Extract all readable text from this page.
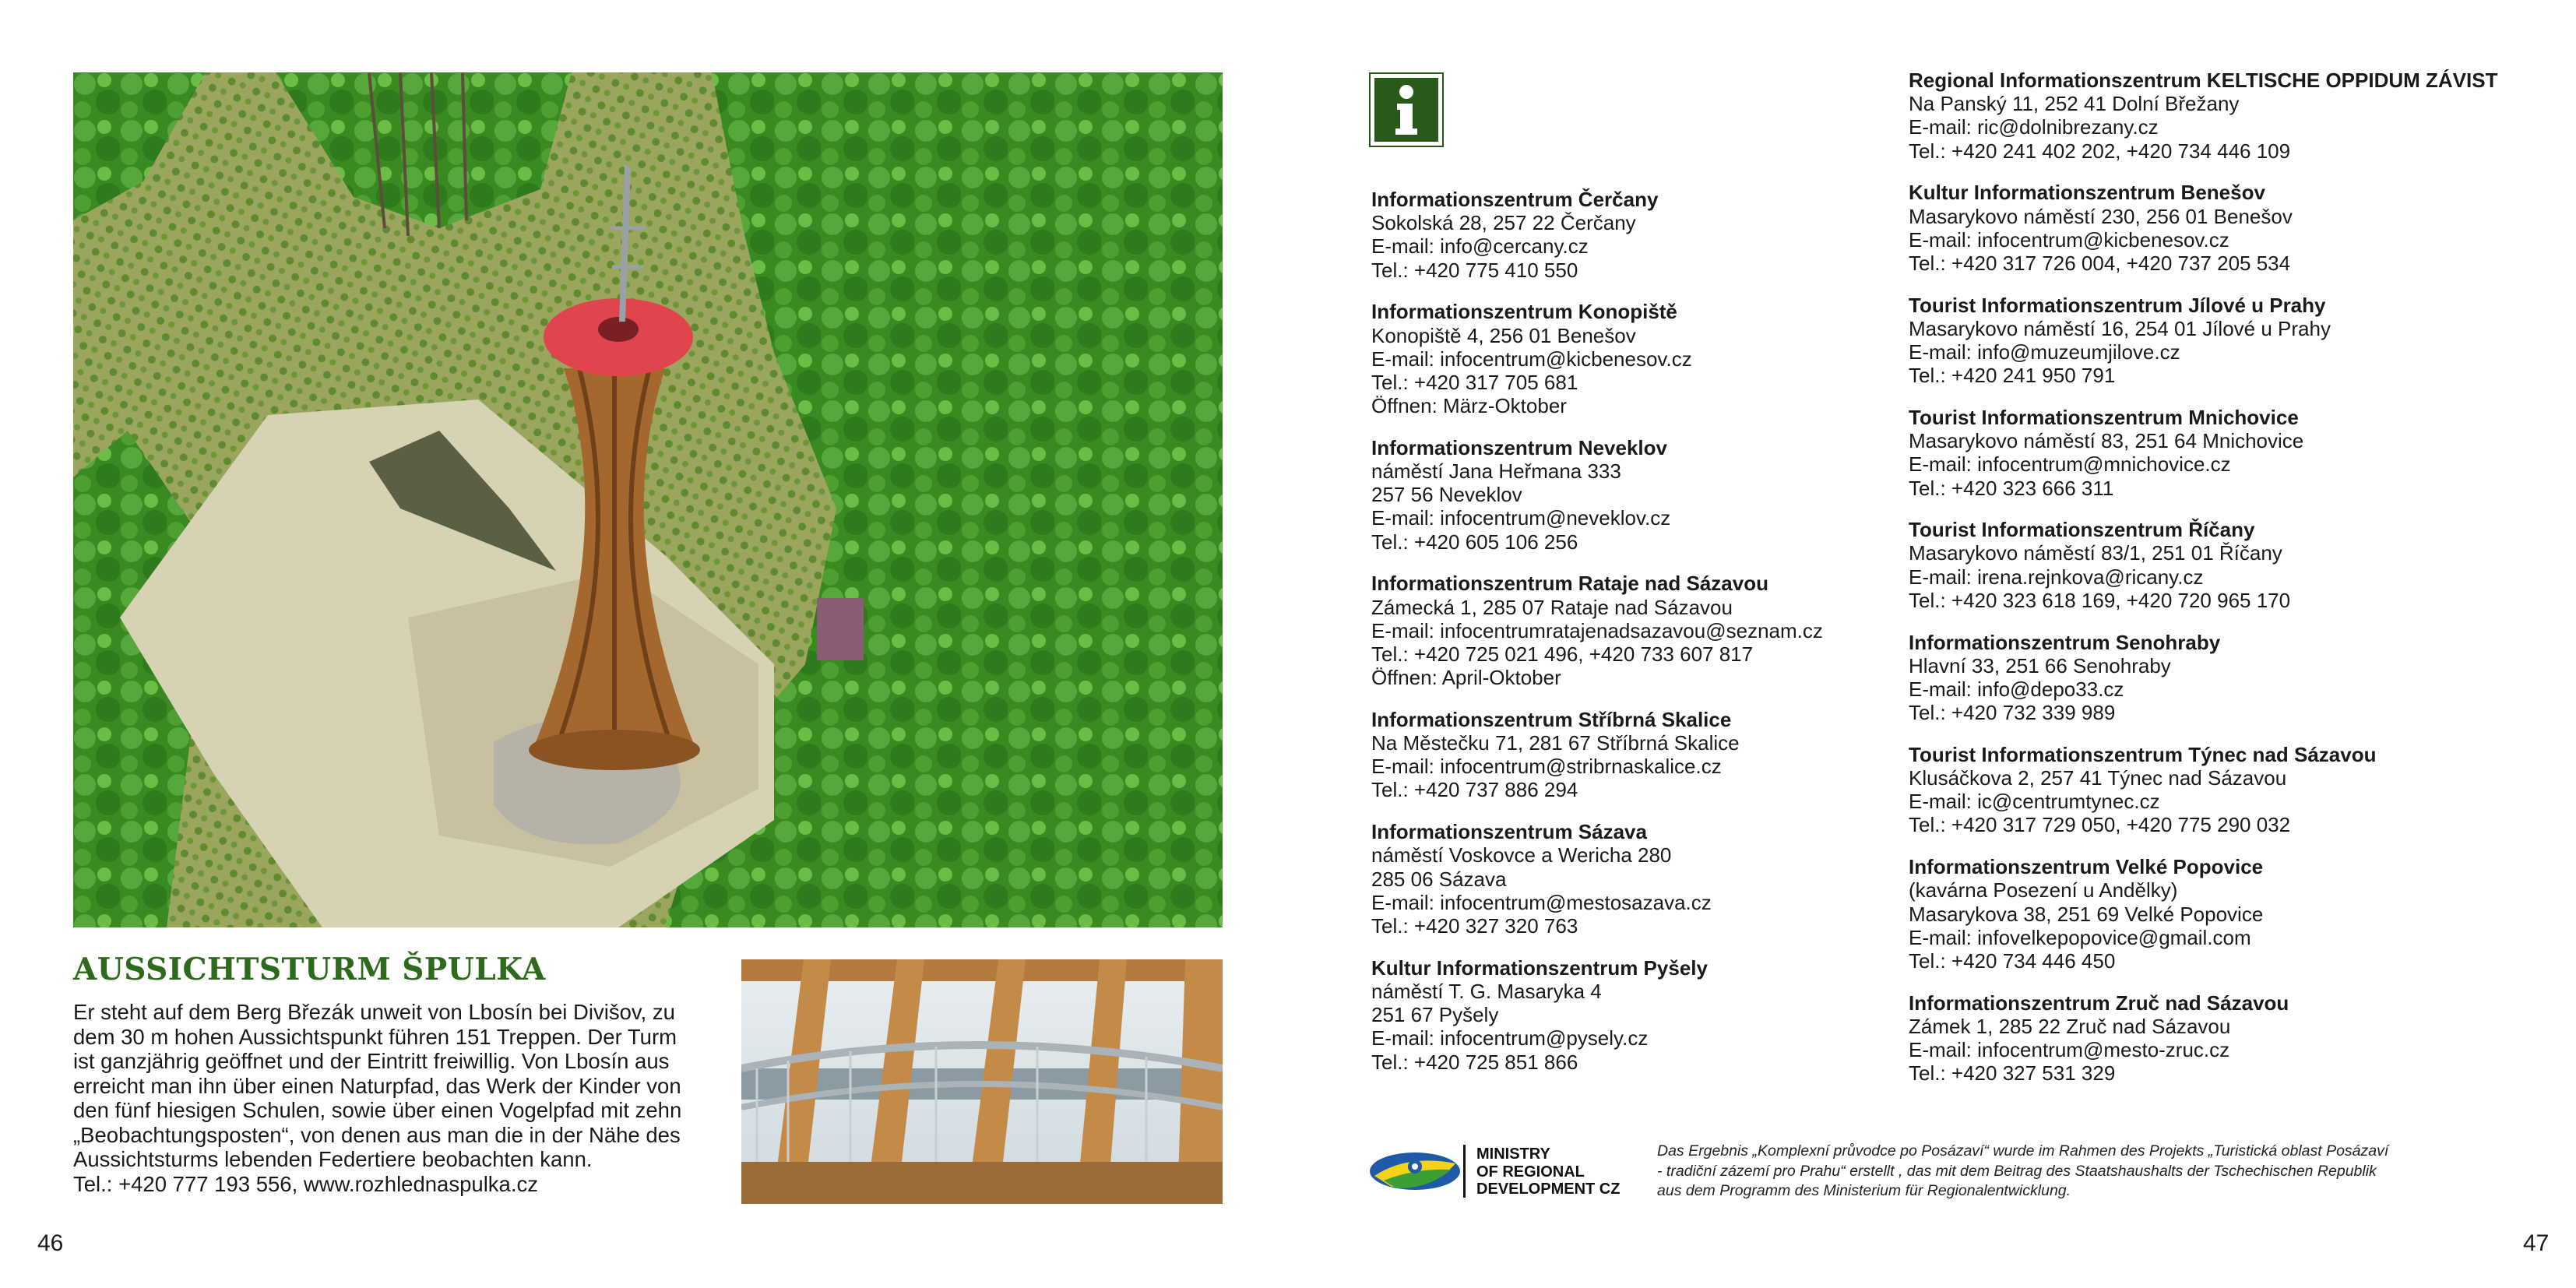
AUSSICHTSTURM ŠPULKA
Er steht auf dem Berg Březák unweit von Lbosín bei Divišov, zu
dem 30 m hohen Aussichtspunkt führen 151 Treppen. Der Turm
ist ganzjährig geöffnet und der Eintritt freiwillig. Von Lbosín aus
erreicht man ihn über einen Naturpfad, das Werk der Kinder von
den fünf hiesigen Schulen, sowie über einen Vogelpfad mit zehn
„Beobachtungsposten“, von denen aus man die in der Nähe des
Aussichtsturms lebenden Federtiere beobachten kann.
Tel.: +420 777 193 556, www.rozhlednaspulka.cz
46
Informationszentrum Čerčany
Sokolská 28, 257 22 Čerčany
E-mail: info@cercany.cz
Tel.: +420 775 410 550
Informationszentrum Konopiště
Konopiště 4, 256 01 Benešov
E-mail: infocentrum@kicbenesov.cz
Tel.: +420 317 705 681
Öffnen: März-Oktober
Informationszentrum Neveklov
náměstí Jana Heřmana 333
257 56 Neveklov
E-mail: infocentrum@neveklov.cz
Tel.: +420 605 106 256
Informationszentrum Rataje nad Sázavou
Zámecká 1, 285 07 Rataje nad Sázavou
E-mail: infocentrumratajenadsazavou@seznam.cz
Tel.: +420 725 021 496, +420 733 607 817
Öffnen: April-Oktober
Informationszentrum Stříbrná Skalice
Na Městečku 71, 281 67 Stříbrná Skalice
E-mail: infocentrum@stribrnaskalice.cz
Tel.: +420 737 886 294
Informationszentrum Sázava
náměstí Voskovce a Wericha 280
285 06 Sázava
E-mail: infocentrum@mestosazava.cz
Tel.: +420 327 320 763
Kultur Informationszentrum Pyšely
náměstí T. G. Masaryka 4
251 67 Pyšely
E-mail: infocentrum@pysely.cz
Tel.: +420 725 851 866
Regional Informationszentrum KELTISCHE OPPIDUM ZÁVIST
Na Panský 11, 252 41 Dolní Břežany
E-mail: ric@dolnibrezany.cz
Tel.: +420 241 402 202, +420 734 446 109
Kultur Informationszentrum Benešov
Masarykovo náměstí 230, 256 01 Benešov
E-mail: infocentrum@kicbenesov.cz
Tel.: +420 317 726 004, +420 737 205 534
Tourist Informationszentrum Jílové u Prahy
Masarykovo náměstí 16, 254 01 Jílové u Prahy
E-mail: info@muzeumjilove.cz
Tel.: +420 241 950 791
Tourist Informationszentrum Mnichovice
Masarykovo náměstí 83, 251 64 Mnichovice
E-mail: infocentrum@mnichovice.cz
Tel.: +420 323 666 311
Tourist Informationszentrum Říčany
Masarykovo náměstí 83/1, 251 01 Říčany
E-mail: irena.rejnkova@ricany.cz
Tel.: +420 323 618 169, +420 720 965 170
Informationszentrum Senohraby
Hlavní 33, 251 66 Senohraby
E-mail: info@depo33.cz
Tel.: +420 732 339 989
Tourist Informationszentrum Týnec nad Sázavou
Klusáčkova 2, 257 41 Týnec nad Sázavou
E-mail: ic@centrumtynec.cz
Tel.: +420 317 729 050, +420 775 290 032
Informationszentrum Velké Popovice
(kavárna Posezení u Andělky)
Masarykova 38, 251 69 Velké Popovice
E-mail: infovelkepopovice@gmail.com
Tel.: +420 734 446 450
Informationszentrum Zruč nad Sázavou
Zámek 1, 285 22 Zruč nad Sázavou
E-mail: infocentrum@mesto-zruc.cz
Tel.: +420 327 531 329
MINISTRY
OF REGIONAL
DEVELOPMENT CZ
Das Ergebnis „Komplexní průvodce po Posázaví“ wurde im Rahmen des Projekts „Turistická oblast Posázaví
- tradiční zázemí pro Prahu“ erstellt , das mit dem Beitrag des Staatshaushalts der Tschechischen Republik
aus dem Programm des Ministerium für Regionalentwicklung.
47
